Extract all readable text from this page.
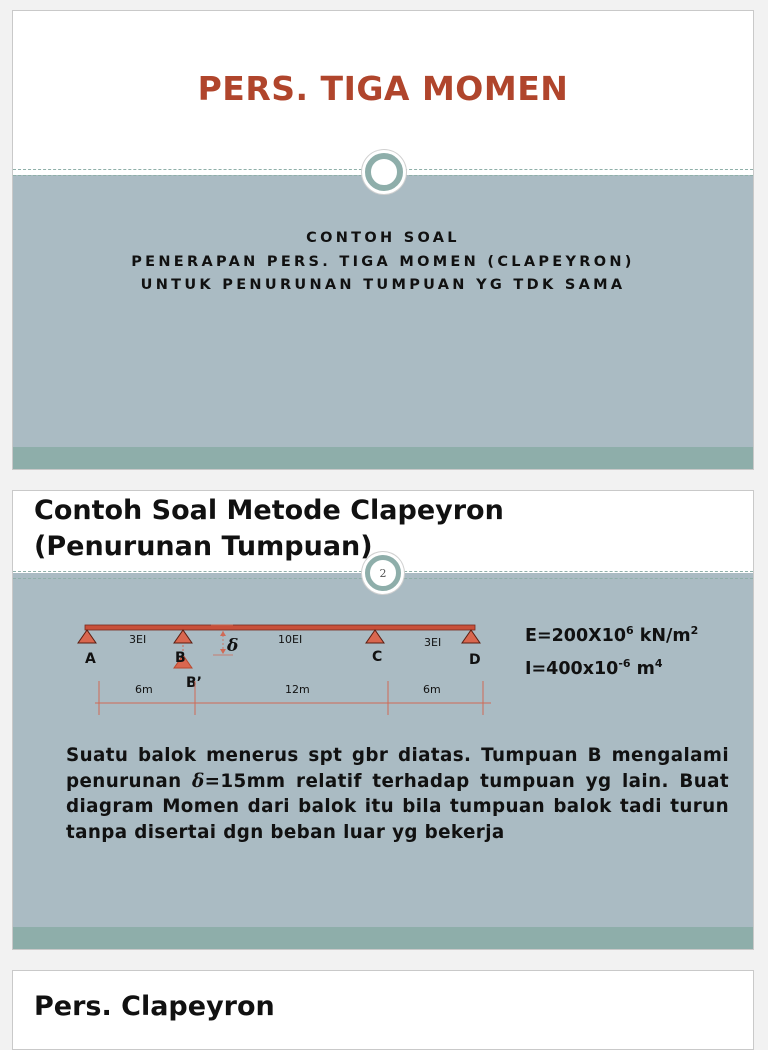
PERS. TIGA MOMEN
CONTOH SOAL
PENERAPAN PERS. TIGA MOMEN (CLAPEYRON)
UNTUK PENURUNAN TUMPUAN YG TDK SAMA
Contoh Soal Metode Clapeyron
(Penurunan Tumpuan)
2
δ
3EI	10EI	3EI
A	B	C	D
B’
6m	12m	6m
$E=200X10^6$ $kN/m^2$
$I=400x10^{-6}$ $m^4$
Suatu balok menerus spt gbr diatas. Tumpuan B mengalami penurunan δ=15mm relatif terhadap tumpuan yg lain. Buat diagram Momen dari balok itu bila tumpuan balok tadi turun tanpa disertai dgn beban luar yg bekerja
Pers. Clapeyron
